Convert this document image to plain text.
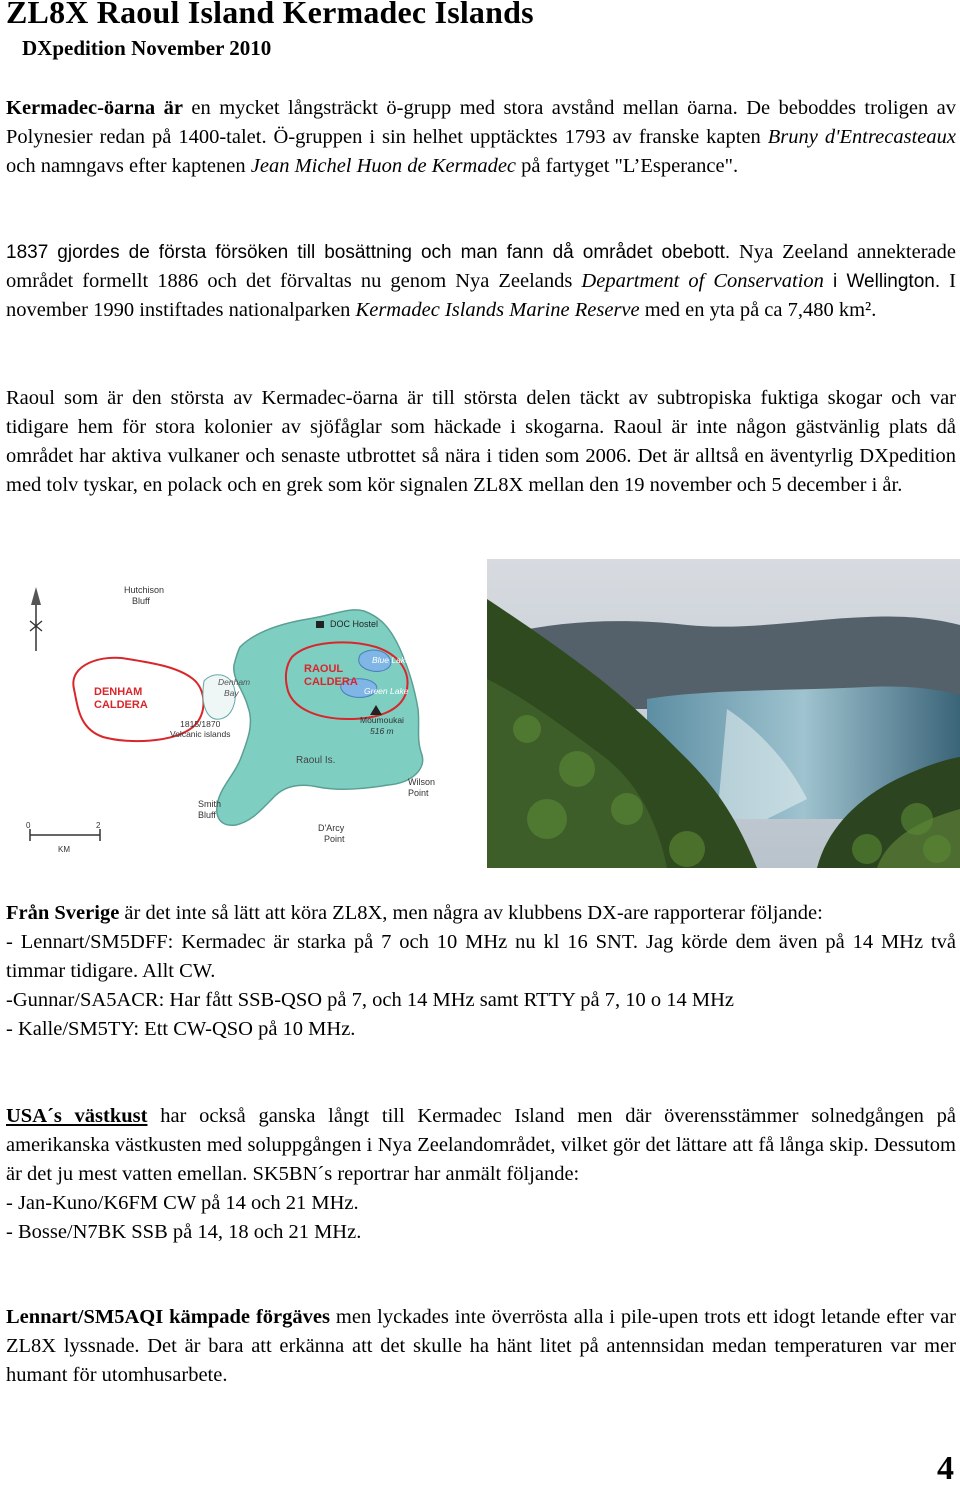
ZL8X Raoul Island Kermadec Islands
DXpedition November 2010

Kermadec-öarna är en mycket långsträckt ö-grupp med stora avstånd mellan öarna. De beboddes troligen av Polynesier redan på 1400-talet. Ö-gruppen i sin helhet upptäcktes 1793 av franske kapten Bruny d'Entrecasteaux och namngavs efter kaptenen Jean Michel Huon de Kermadec på fartyget "L’Esperance".

1837 gjordes de första försöken till bosättning och man fann då området obebott. Nya Zeeland annekterade området formellt 1886 och det förvaltas nu genom Nya Zeelands Department of Conservation i Wellington. I november 1990 instiftades nationalparken Kermadec Islands Marine Reserve med en yta på ca 7,480 km².

Raoul som är den största av Kermadec-öarna är till största delen täckt av subtropiska fuktiga skogar och var tidigare hem för stora kolonier av sjöfåglar som häckade i skogarna. Raoul är inte någon gästvänlig plats då området har aktiva vulkaner och senaste utbrottet så nära i tiden som 2006. Det är alltså en äventyrlig DXpedition med tolv tyskar, en polack och en grek som kör signalen ZL8X mellan den 19 november och 5 december i år.

Hutchison
Bluff
DOC Hostel
Blue Lake
Green Lake
RAOUL
CALDERA
DENHAM
CALDERA
Denham
Bay
1815/1870
Volcanic islands
Moumoukai
516 m
Raoul Is.
Wilson
Point
Smith
Bluff
D'Arcy
Point
0	2
KM

Från Sverige är det inte så lätt att köra ZL8X, men några av klubbens DX-are rapporterar följande:
- Lennart/SM5DFF: Kermadec är starka på 7 och 10 MHz nu kl 16 SNT. Jag körde dem även på 14 MHz två timmar tidigare. Allt CW.
-Gunnar/SA5ACR: Har fått SSB-QSO på 7, och 14 MHz samt RTTY på 7, 10 o 14 MHz
- Kalle/SM5TY: Ett CW-QSO på 10 MHz.

USA´s västkust har också ganska långt till Kermadec Island men där överensstämmer solnedgången på amerikanska västkusten med soluppgången i Nya Zeelandområdet, vilket gör det lättare att få långa skip. Dessutom är det ju mest vatten emellan. SK5BN´s reportrar har anmält följande:
- Jan-Kuno/K6FM CW på 14 och 21 MHz.
- Bosse/N7BK SSB på 14, 18 och 21 MHz.

Lennart/SM5AQI kämpade förgäves men lyckades inte överrösta alla i pile-upen trots ett idogt letande efter var ZL8X lyssnade. Det är bara att erkänna att det skulle ha hänt litet på antennsidan medan temperaturen var mer humant för utomhusarbete.

4
